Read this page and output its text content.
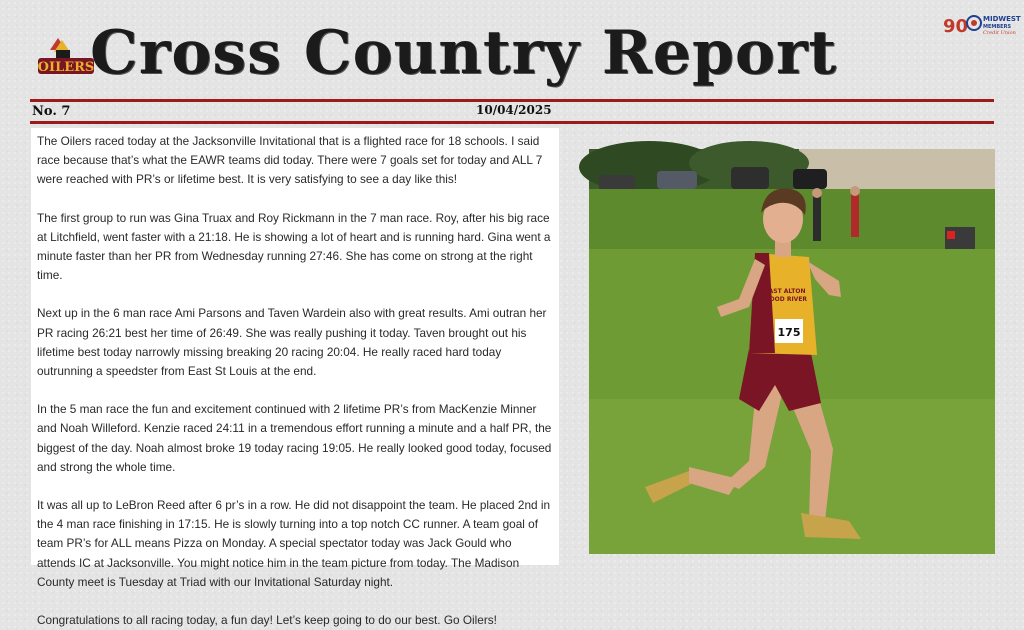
OILERS
Cross Country Report	90 MIDWEST
MEMBERS
Credit Union
No. 7	10/04/2025

The Oilers raced today at the Jacksonville Invitational that is a flighted race for 18 schools. I said race because that’s what the EAWR teams did today. There were 7 goals set for today and ALL 7 were reached with PR’s or lifetime best. It is very satisfying to see a day like this!

The first group to run was Gina Truax and Roy Rickmann in the 7 man race. Roy, after his big race at Litchfield, went faster with a 21:18. He is showing a lot of heart and is running hard. Gina went a minute faster than her PR from Wednesday running 27:46. She has come on strong at the right time.

Next up in the 6 man race Ami Parsons and Taven Wardein also with great results. Ami outran her PR racing 26:21 best her time of 26:49. She was really pushing it today. Taven brought out his lifetime best today narrowly missing breaking 20 racing 20:04. He really raced hard today outrunning a speedster from East St Louis at the end.

In the 5 man race the fun and excitement continued with 2 lifetime PR’s from MacKenzie Minner and Noah Willeford. Kenzie raced 24:11 in a tremendous effort running a minute and a half PR, the biggest of the day. Noah almost broke 19 today racing 19:05. He really looked good today, focused and strong the whole time.

It was all up to LeBron Reed after 6 pr’s in a row. He did not disappoint the team. He placed 2nd in the 4 man race finishing in 17:15. He is slowly turning into a top notch CC runner. A team goal of team PR’s for ALL means Pizza on Monday. A special spectator today was Jack Gould who attends IC at Jacksonville. You might notice him in the team picture from today. The Madison County meet is Tuesday at Triad with our Invitational Saturday night.

Congratulations to all racing today, a fun day! Let’s keep going to do our best. Go Oilers!

175
EAST ALTON
WOOD RIVER
